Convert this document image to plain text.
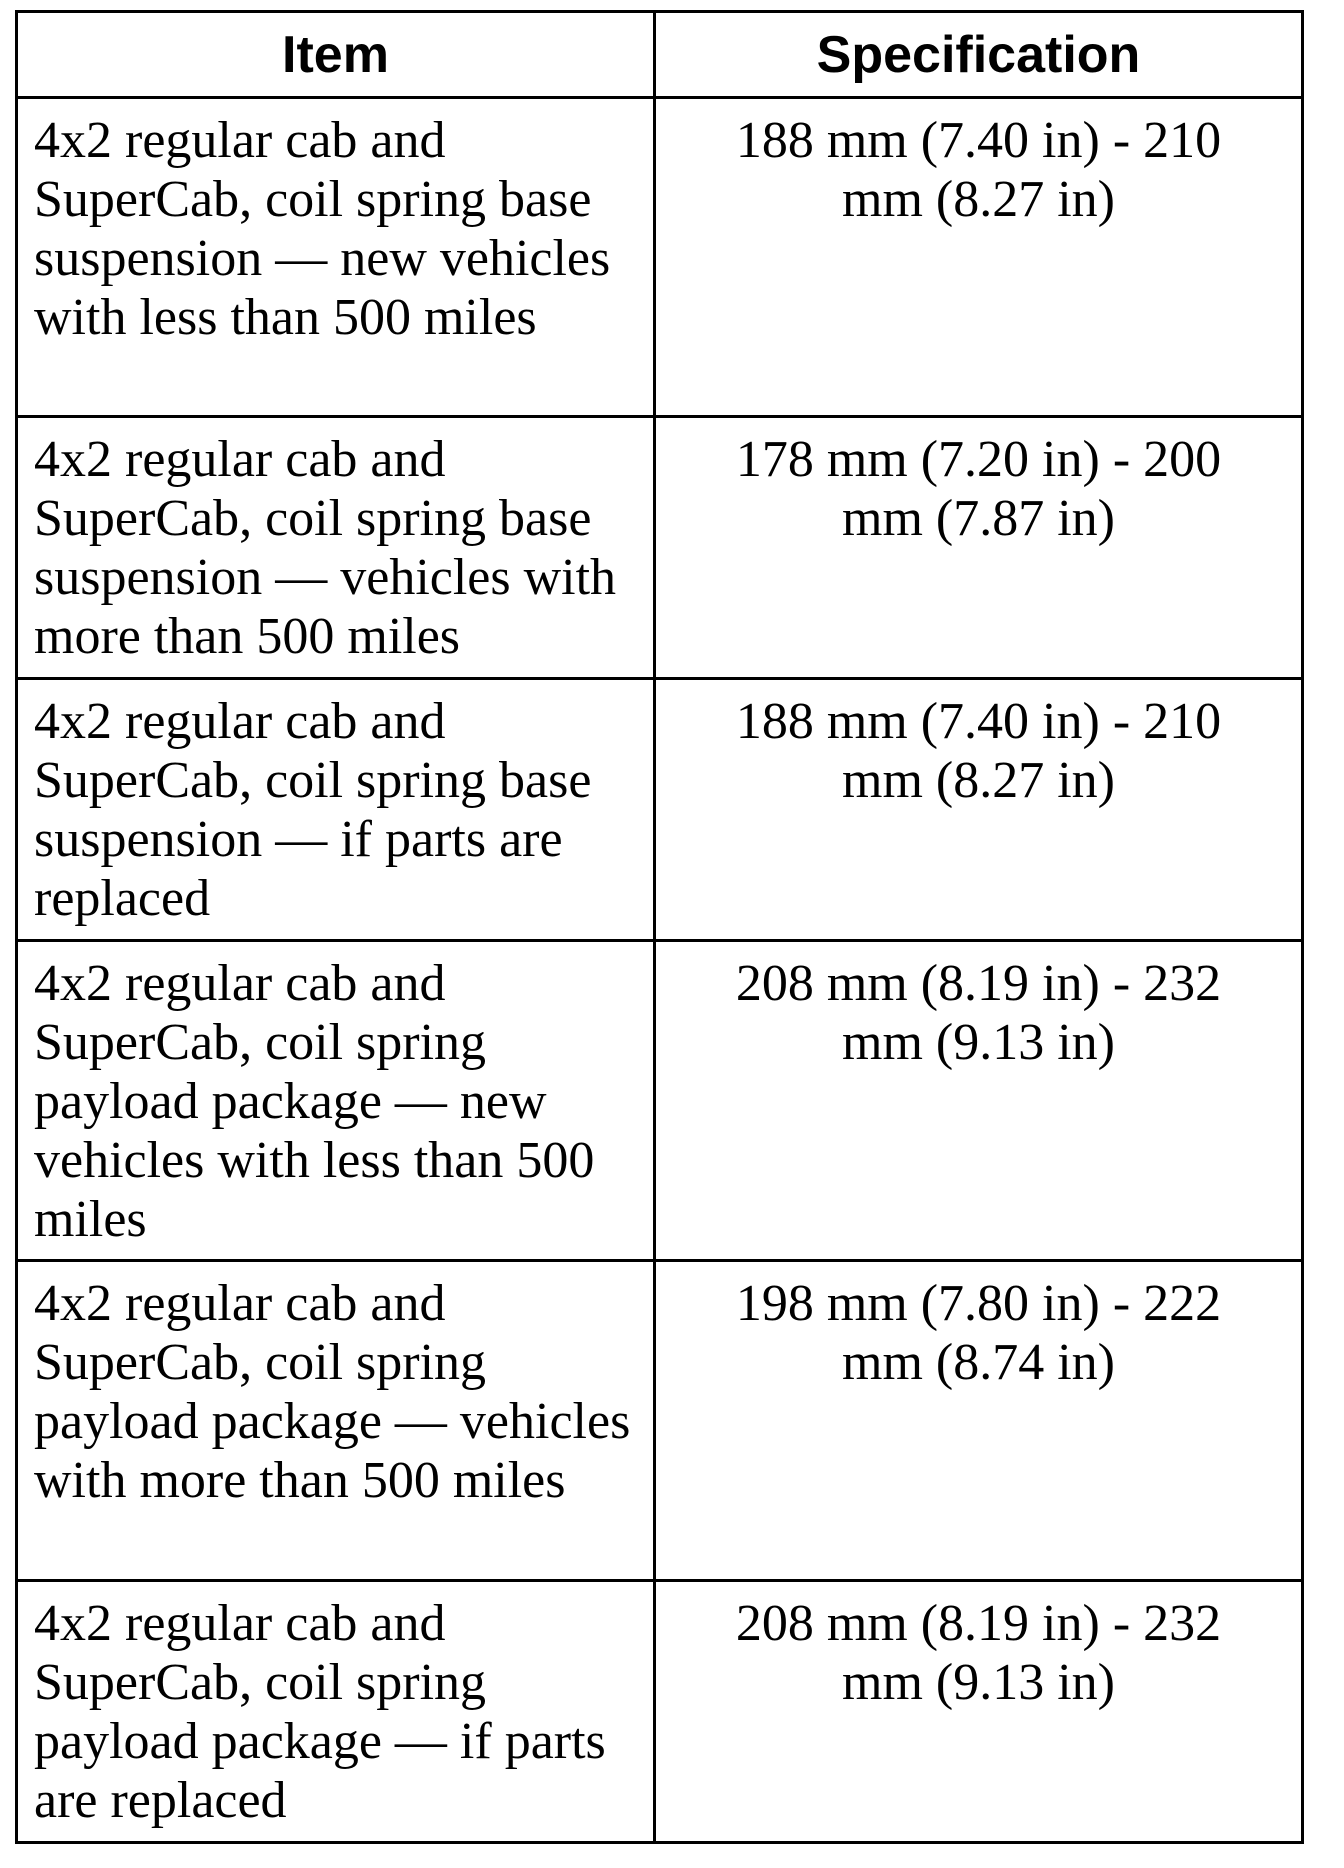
Item	Specification
4x2 regular cab and SuperCab, coil spring base suspension — new vehicles with less than 500 miles	188 mm (7.40 in) - 210 mm (8.27 in)
4x2 regular cab and SuperCab, coil spring base suspension — vehicles with more than 500 miles	178 mm (7.20 in) - 200 mm (7.87 in)
4x2 regular cab and SuperCab, coil spring base suspension — if parts are replaced	188 mm (7.40 in) - 210 mm (8.27 in)
4x2 regular cab and SuperCab, coil spring payload package — new vehicles with less than 500 miles	208 mm (8.19 in) - 232 mm (9.13 in)
4x2 regular cab and SuperCab, coil spring payload package — vehicles with more than 500 miles	198 mm (7.80 in) - 222 mm (8.74 in)
4x2 regular cab and SuperCab, coil spring payload package — if parts are replaced	208 mm (8.19 in) - 232 mm (9.13 in)
